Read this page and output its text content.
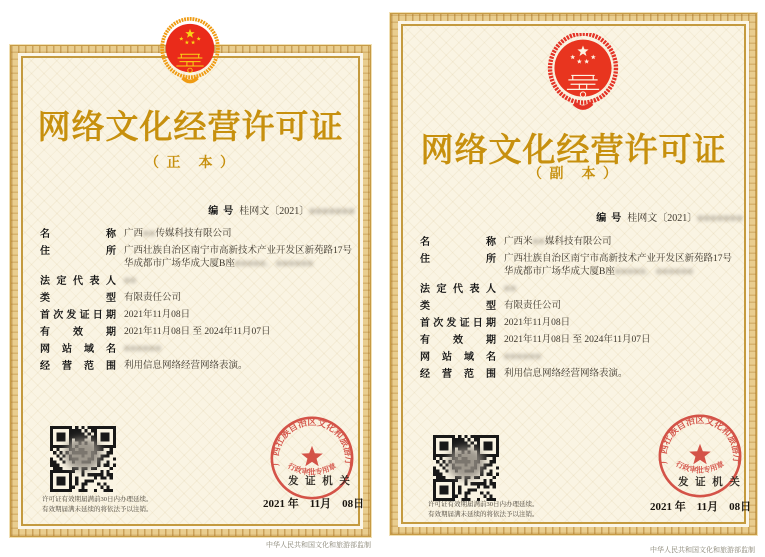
网络文化经营许可证
（ 正　本 ）

编  号 桂网文〔2021〕●●●●●●●

名称 广西●●传媒科技有限公司
住所 广西壮族自治区南宁市高新技术产业开发区新苑路17号华成都市广场华成大厦B座●●●●●、●●●●●●
法定代表人 ●●
类型 有限责任公司
首次发证日期 2021年11月08日
有效期 2021年11月08日 至 2024年11月07日
网站域名 ●●●●●●
经营范围 利用信息网络经营网络表演。
许可证有效期届满前30日内办理延续。
有效期届满未延续的将依法予以注销。
广西壮族自治区文化和旅游厅
行政审批专用章
发 证 机 关
2021 年　11月　08日
中华人民共和国文化和旅游部监制
网络文化经营许可证
（ 副　本 ）

编  号 桂网文〔2021〕●●●●●●●

名称 广西米●●媒科技有限公司
住所 广西壮族自治区南宁市高新技术产业开发区新苑路17号华成都市广场华成大厦B座●●●●●、●●●●●●
法定代表人 ●●
类型 有限责任公司
首次发证日期 2021年11月08日
有效期 2021年11月08日 至 2024年11月07日
网站域名 ●●●●●●
经营范围 利用信息网络经营网络表演。
许可证有效期届满前30日内办理延续。
有效期届满未延续的将依法予以注销。
广西壮族自治区文化和旅游厅
行政审批专用章
发 证 机 关
2021 年　11月　08日
中华人民共和国文化和旅游部监制
